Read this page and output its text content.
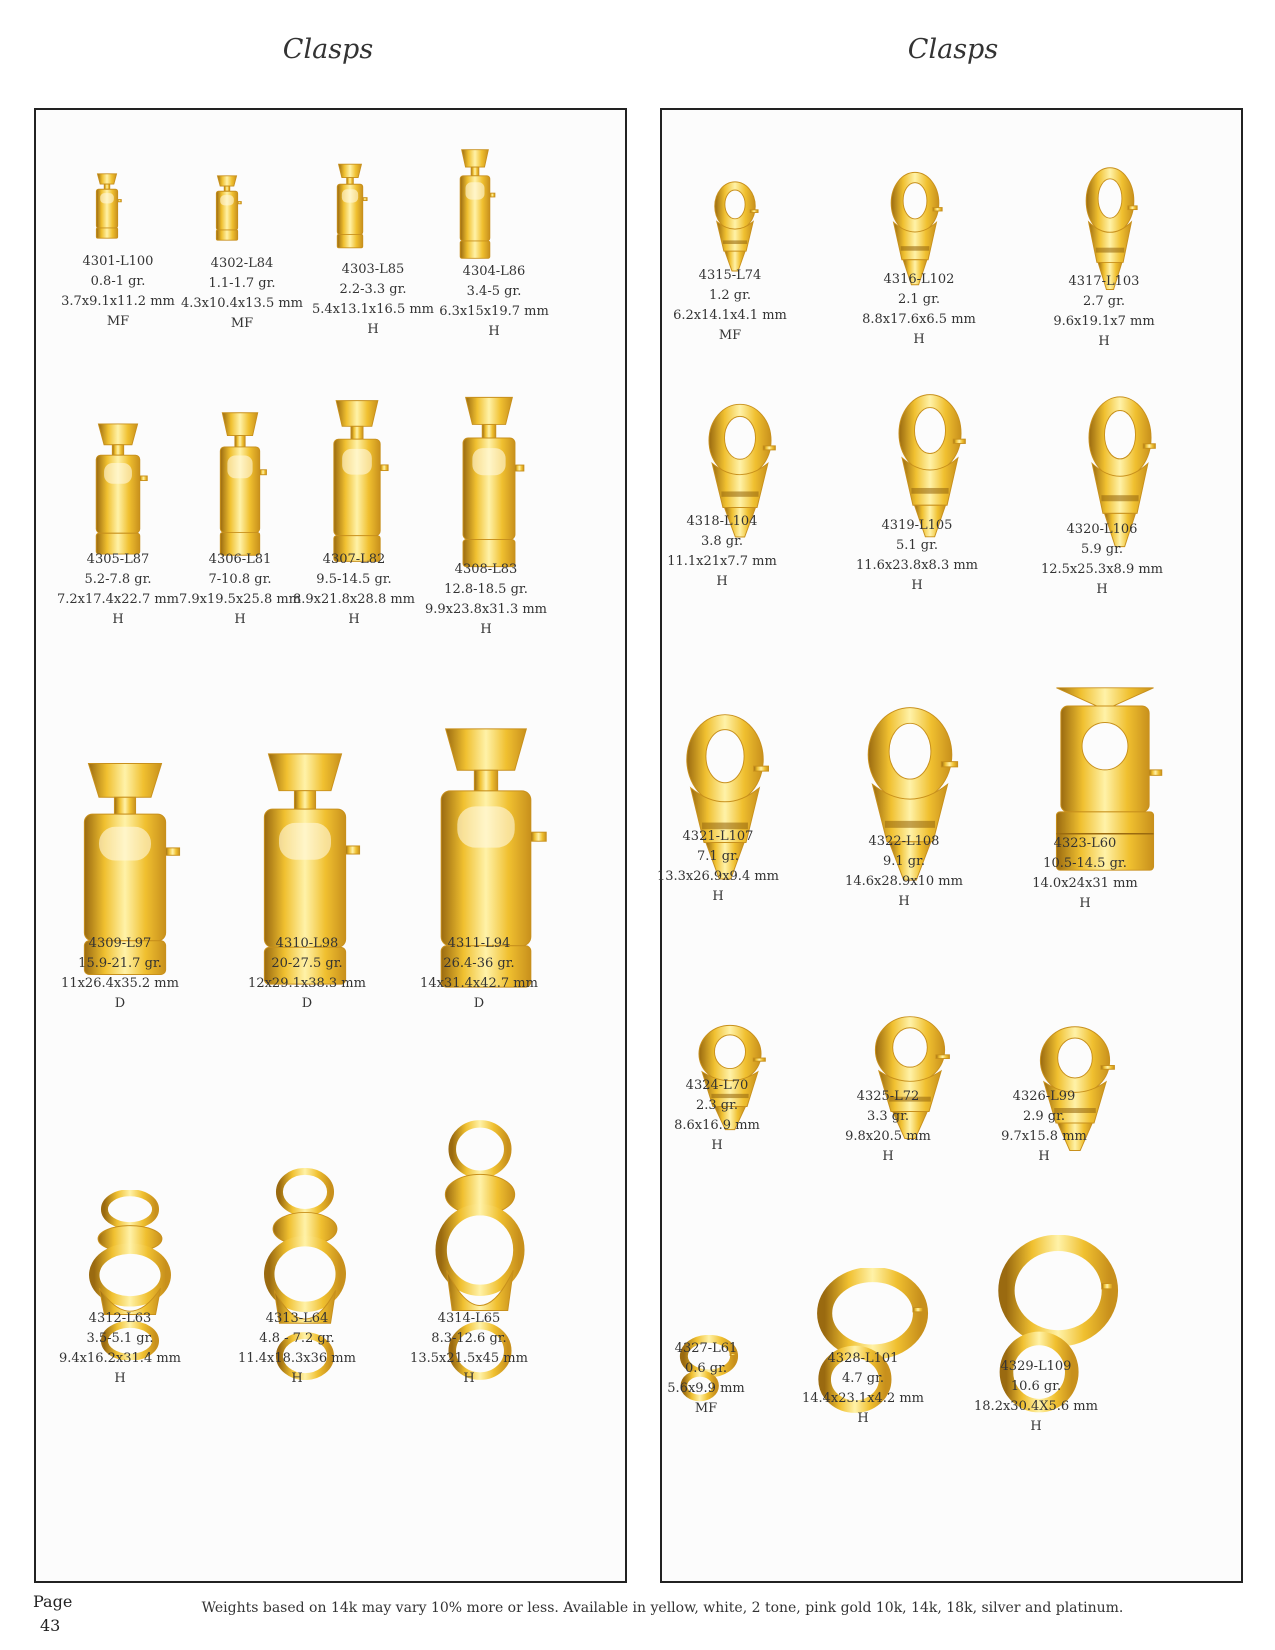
Clasps	Clasps
Page
43
Weights based on 14k may vary 10% more or less. Available in yellow, white, 2 tone, pink gold 10k, 14k, 18k, silver and platinum.
4301-L100
0.8-1 gr.
3.7x9.1x11.2 mm
MF
4302-L84
1.1-1.7 gr.
4.3x10.4x13.5 mm
MF
4303-L85
2.2-3.3 gr.
5.4x13.1x16.5 mm
H
4304-L86
3.4-5 gr.
6.3x15x19.7 mm
H
4305-L87
5.2-7.8 gr.
7.2x17.4x22.7 mm
H
4306-L81
7-10.8 gr.
7.9x19.5x25.8 mm
H
4307-L82
9.5-14.5 gr.
8.9x21.8x28.8 mm
H
4308-L83
12.8-18.5 gr.
9.9x23.8x31.3 mm
H
4309-L97
15.9-21.7 gr.
11x26.4x35.2 mm
D
4310-L98
20-27.5 gr.
12x29.1x38.3 mm
D
4311-L94
26.4-36 gr.
14x31.4x42.7 mm
D
4312-L63
3.5-5.1 gr.
9.4x16.2x31.4 mm
H
4313-L64
4.8 - 7.2 gr.
11.4x18.3x36 mm
H
4314-L65
8.3-12.6 gr.
13.5x21.5x45 mm
H
4315-L74
1.2 gr.
6.2x14.1x4.1 mm
MF
4316-L102
2.1 gr.
8.8x17.6x6.5 mm
H
4317-L103
2.7 gr.
9.6x19.1x7 mm
H
4318-L104
3.8 gr.
11.1x21x7.7 mm
H
4319-L105
5.1 gr.
11.6x23.8x8.3 mm
H
4320-L106
5.9 gr.
12.5x25.3x8.9 mm
H
4321-L107
7.1 gr.
13.3x26.9x9.4 mm
H
4322-L108
9.1 gr.
14.6x28.9x10 mm
H
4323-L60
10.5-14.5 gr.
14.0x24x31 mm
H
4324-L70
2.3 gr.
8.6x16.9 mm
H
4325-L72
3.3 gr.
9.8x20.5 mm
H
4326-L99
2.9 gr.
9.7x15.8 mm
H
4327-L61
0.6 gr.
5.6x9.9 mm
MF
4328-L101
4.7 gr.
14.4x23.1x4.2 mm
H
4329-L109
10.6 gr.
18.2x30.4X5.6 mm
H
